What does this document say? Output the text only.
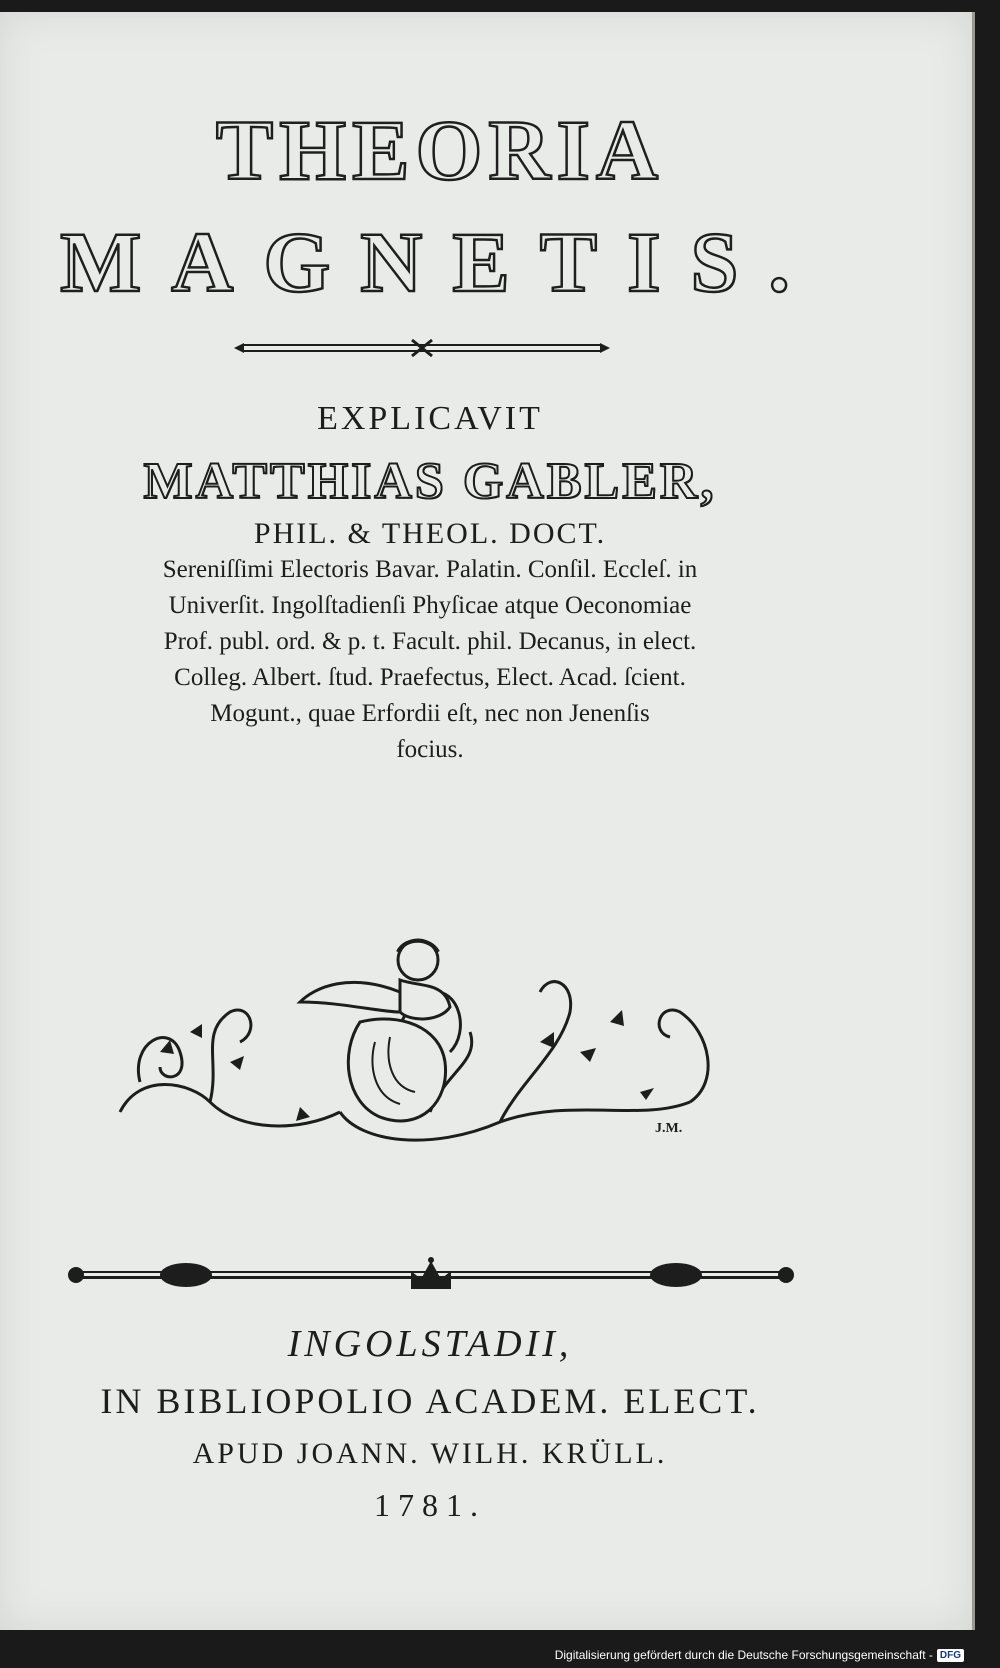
THEORIA
MAGNETIS.
EXPLICAVIT
MATTHIAS GABLER,
PHIL. & THEOL. DOCT.
Sereniſſimi Electoris Bavar. Palatin. Conſil. Eccleſ. in
Univerſit. Ingolſtadienſi Phyſicae atque Oeconomiae
Prof. publ. ord. & p. t. Facult. phil. Decanus, in elect.
Colleg. Albert. ſtud. Praefectus, Elect. Acad. ſcient.
Mogunt., quae Erfordii eſt, nec non Jenenſis
focius.
J.M.
INGOLSTADII,
IN BIBLIOPOLIO ACADEM. ELECT.
APUD JOANN. WILH. KRÜLL.
1781.
Digitalisierung gefördert durch die Deutsche Forschungsgemeinschaft - DFG
